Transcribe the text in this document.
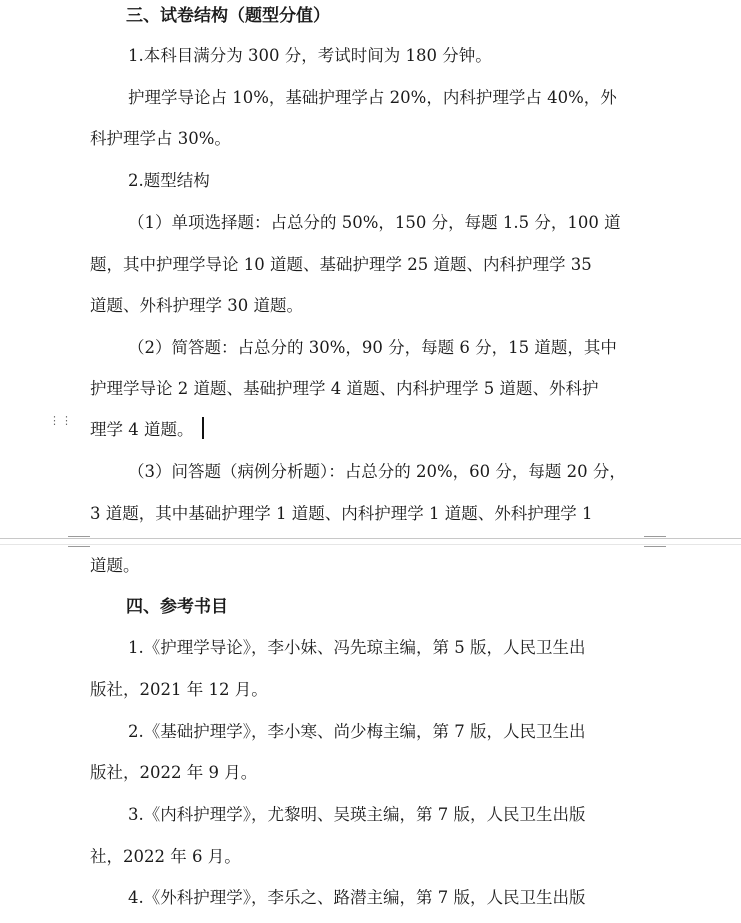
三、试卷结构（题型分值）
1.本科目满分为 300 分，考试时间为 180 分钟。
护理学导论占 10%，基础护理学占 20%，内科护理学占 40%，外
科护理学占 30%。
2.题型结构
（1）单项选择题：占总分的 50%，150 分，每题 1.5 分，100 道
题，其中护理学导论 10 道题、基础护理学 25 道题、内科护理学 35
道题、外科护理学 30 道题。
（2）简答题：占总分的 30%，90 分，每题 6 分，15 道题，其中
护理学导论 2 道题、基础护理学 4 道题、内科护理学 5 道题、外科护
理学 4 道题。
⋮⋮
（3）问答题（病例分析题）：占总分的 20%，60 分，每题 20 分，
3 道题，其中基础护理学 1 道题、内科护理学 1 道题、外科护理学 1
道题。
四、参考书目
1.《护理学导论》，李小妹、冯先琼主编，第 5 版，人民卫生出
版社，2021 年 12 月。
2.《基础护理学》，李小寒、尚少梅主编，第 7 版，人民卫生出
版社，2022 年 9 月。
3.《内科护理学》，尤黎明、吴瑛主编，第 7 版，人民卫生出版
社，2022 年 6 月。
4.《外科护理学》，李乐之、路潜主编，第 7 版，人民卫生出版
